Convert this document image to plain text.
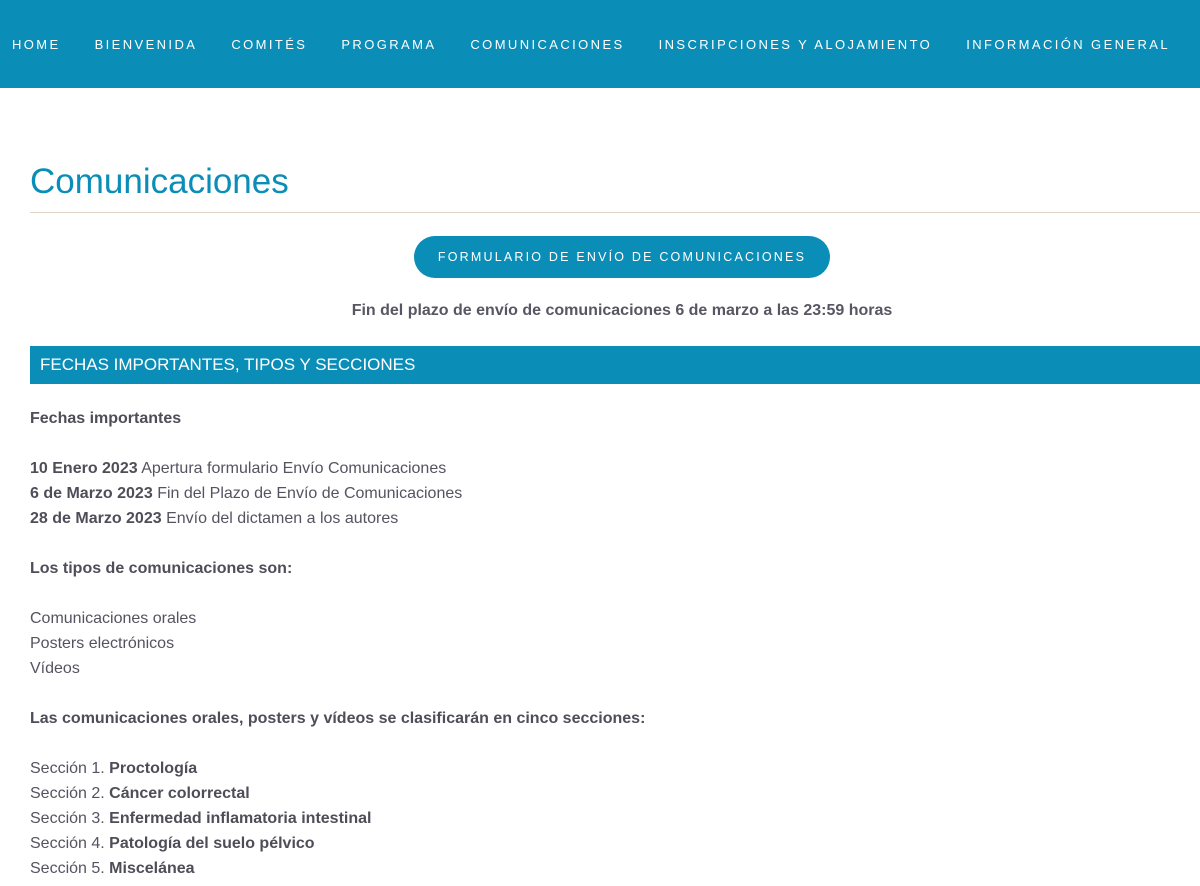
HOME	BIENVENIDA	COMITÉS	PROGRAMA	COMUNICACIONES	INSCRIPCIONES Y ALOJAMIENTO	INFORMACIÓN GENERAL
Comunicaciones
FORMULARIO DE ENVÍO DE COMUNICACIONES
Fin del plazo de envío de comunicaciones 6 de marzo a las 23:59 horas
FECHAS IMPORTANTES, TIPOS Y SECCIONES
Fechas importantes
10 Enero 2023 Apertura formulario Envío Comunicaciones
6 de Marzo 2023 Fin del Plazo de Envío de Comunicaciones
28 de Marzo 2023 Envío del dictamen a los autores
Los tipos de comunicaciones son:
Comunicaciones orales
Posters electrónicos
Vídeos
Las comunicaciones orales, posters y vídeos se clasificarán en cinco secciones:
Sección 1. Proctología
Sección 2. Cáncer colorrectal
Sección 3. Enfermedad inflamatoria intestinal
Sección 4. Patología del suelo pélvico
Sección 5. Miscelánea
